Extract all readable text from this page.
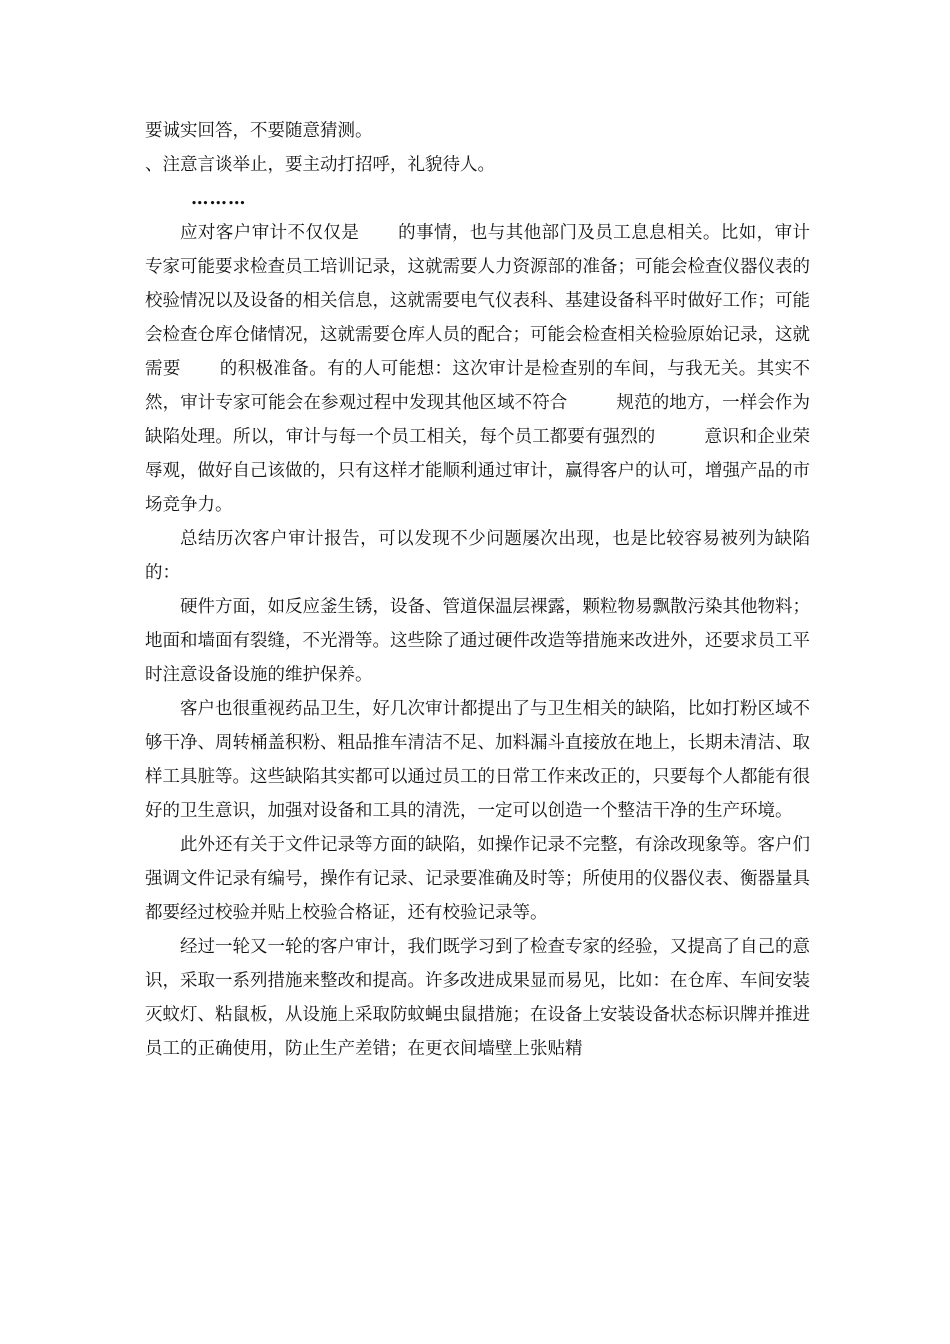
要诚实回答，不要随意猜测。

、注意言谈举止，要主动打招呼，礼貌待人。

………

应对客户审计不仅仅是 的事情，也与其他部门及员工息息相关。比如，审计专家可能要求检查员工培训记录，这就需要人力资源部的准备；可能会检查仪器仪表的校验情况以及设备的相关信息，这就需要电气仪表科、基建设备科平时做好工作；可能会检查仓库仓储情况，这就需要仓库人员的配合；可能会检查相关检验原始记录，这就需要 的积极准备。有的人可能想：这次审计是检查别的车间，与我无关。其实不然，审计专家可能会在参观过程中发现其他区域不符合	规范的地方，一样会作为缺陷处理。所以，审计与每一个员工相关，每个员工都要有强烈的	意识和企业荣辱观，做好自己该做的，只有这样才能顺利通过审计，赢得客户的认可，增强产品的市场竞争力。

总结历次客户审计报告，可以发现不少问题屡次出现，也是比较容易被列为缺陷的：

硬件方面，如反应釜生锈，设备、管道保温层裸露，颗粒物易飘散污染其他物料；地面和墙面有裂缝，不光滑等。这些除了通过硬件改造等措施来改进外，还要求员工平时注意设备设施的维护保养。

客户也很重视药品卫生，好几次审计都提出了与卫生相关的缺陷，比如打粉区域不够干净、周转桶盖积粉、粗品推车清洁不足、加料漏斗直接放在地上，长期未清洁、取样工具脏等。这些缺陷其实都可以通过员工的日常工作来改正的，只要每个人都能有很好的卫生意识，加强对设备和工具的清洗，一定可以创造一个整洁干净的生产环境。

此外还有关于文件记录等方面的缺陷，如操作记录不完整，有涂改现象等。客户们强调文件记录有编号，操作有记录、记录要准确及时等；所使用的仪器仪表、衡器量具都要经过校验并贴上校验合格证，还有校验记录等。

经过一轮又一轮的客户审计，我们既学习到了检查专家的经验，又提高了自己的意识，采取一系列措施来整改和提高。许多改进成果显而易见，比如：在仓库、车间安装灭蚊灯、粘鼠板，从设施上采取防蚊蝇虫鼠措施；在设备上安装设备状态标识牌并推进员工的正确使用，防止生产差错；在更衣间墙壁上张贴精
